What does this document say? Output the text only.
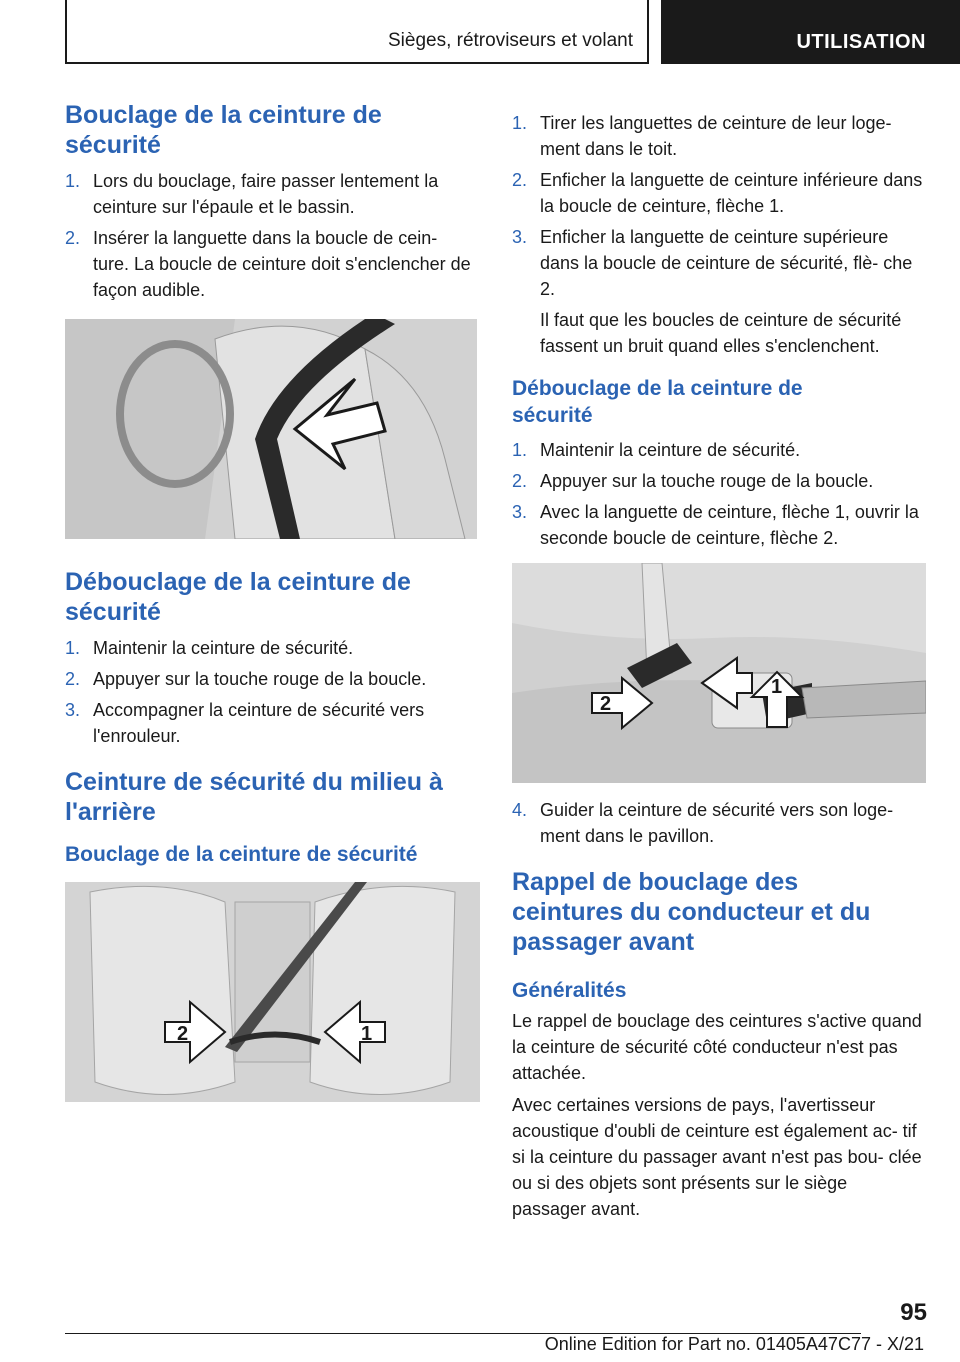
Sièges, rétroviseurs et volant	UTILISATION
Bouclage de la ceinture de sécurité
1. Lors du bouclage, faire passer lentement la ceinture sur l'épaule et le bassin.
2. Insérer la languette dans la boucle de cein- ture. La boucle de ceinture doit s'enclencher de façon audible.
Débouclage de la ceinture de sécurité
1. Maintenir la ceinture de sécurité.
2. Appuyer sur la touche rouge de la boucle.
3. Accompagner la ceinture de sécurité vers l'enrouleur.
Ceinture de sécurité du milieu à l'arrière
Bouclage de la ceinture de sécurité
2	1
1. Tirer les languettes de ceinture de leur loge- ment dans le toit.
2. Enficher la languette de ceinture inférieure dans la boucle de ceinture, flèche 1.
3. Enficher la languette de ceinture supérieure dans la boucle de ceinture de sécurité, flè- che 2.

Il faut que les boucles de ceinture de sécurité fassent un bruit quand elles s'enclenchent.

Débouclage de la ceinture de sécurité
1. Maintenir la ceinture de sécurité.
2. Appuyer sur la touche rouge de la boucle.
3. Avec la languette de ceinture, flèche 1, ouvrir la seconde boucle de ceinture, flèche 2.
2
1
4. Guider la ceinture de sécurité vers son loge- ment dans le pavillon.
Rappel de bouclage des ceintures du conducteur et du passager avant
Généralités

Le rappel de bouclage des ceintures s'active quand la ceinture de sécurité côté conducteur n'est pas attachée.

Avec certaines versions de pays, l'avertisseur acoustique d'oubli de ceinture est également ac- tif si la ceinture du passager avant n'est pas bou- clée ou si des objets sont présents sur le siège passager avant.

95
Online Edition for Part no. 01405A47C77 - X/21
